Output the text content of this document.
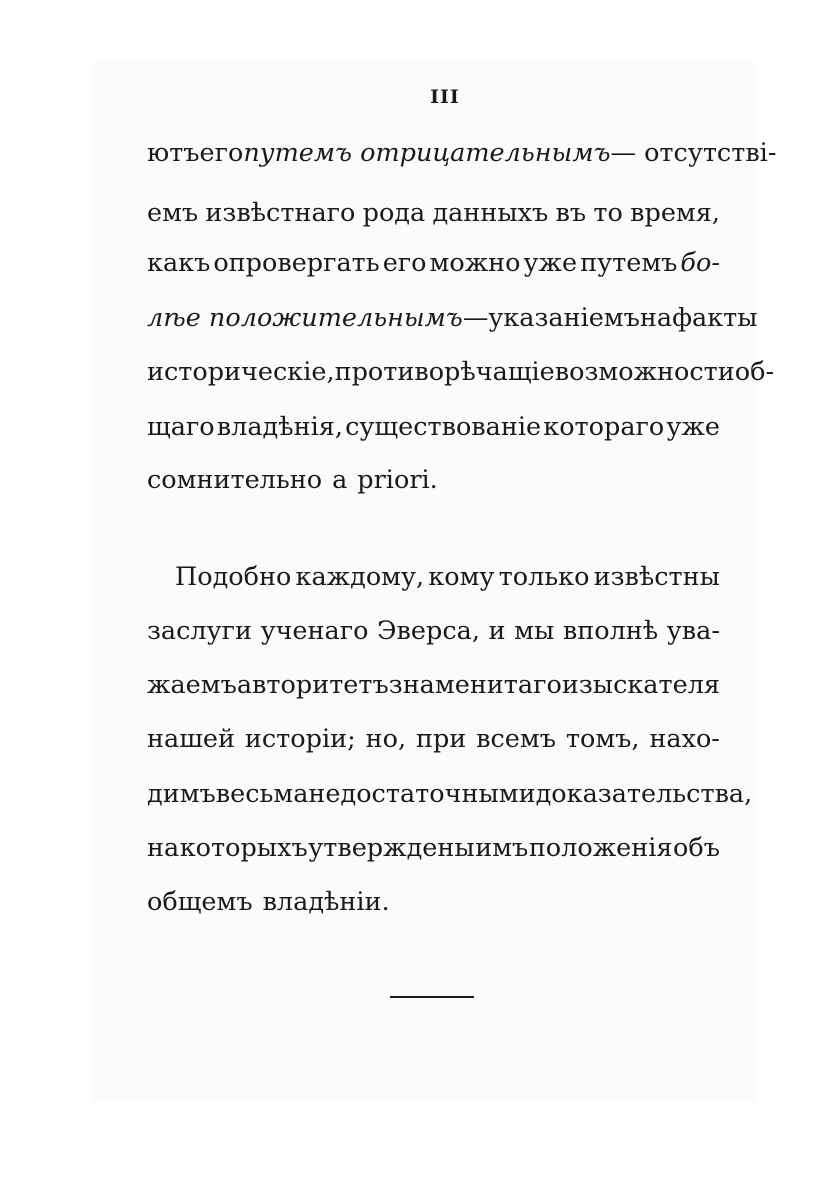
III
ютъ его путемъ отрицательнымъ — отсутствi-
емъ извѣстнаго рода данныхъ въ то время,
какъ опровергать его можно уже путемъ бо-
лѣе положительнымъ — указанiемъ на факты
историческiе, противорѣчащiе возможности об-
щаго владѣнiя, существованiе котораго уже
сомнительно a priori.
Подобно каждому, кому только извѣстны
заслуги ученаго Эверса, и мы вполнѣ ува-
жаемъ авторитетъ знаменитаго изыскателя
нашей исторiи; но, при всемъ томъ, нахо-
димъ весьма недостаточными доказательства,
на которыхъ утверждены имъ положенiя объ
общемъ владѣнiи.
